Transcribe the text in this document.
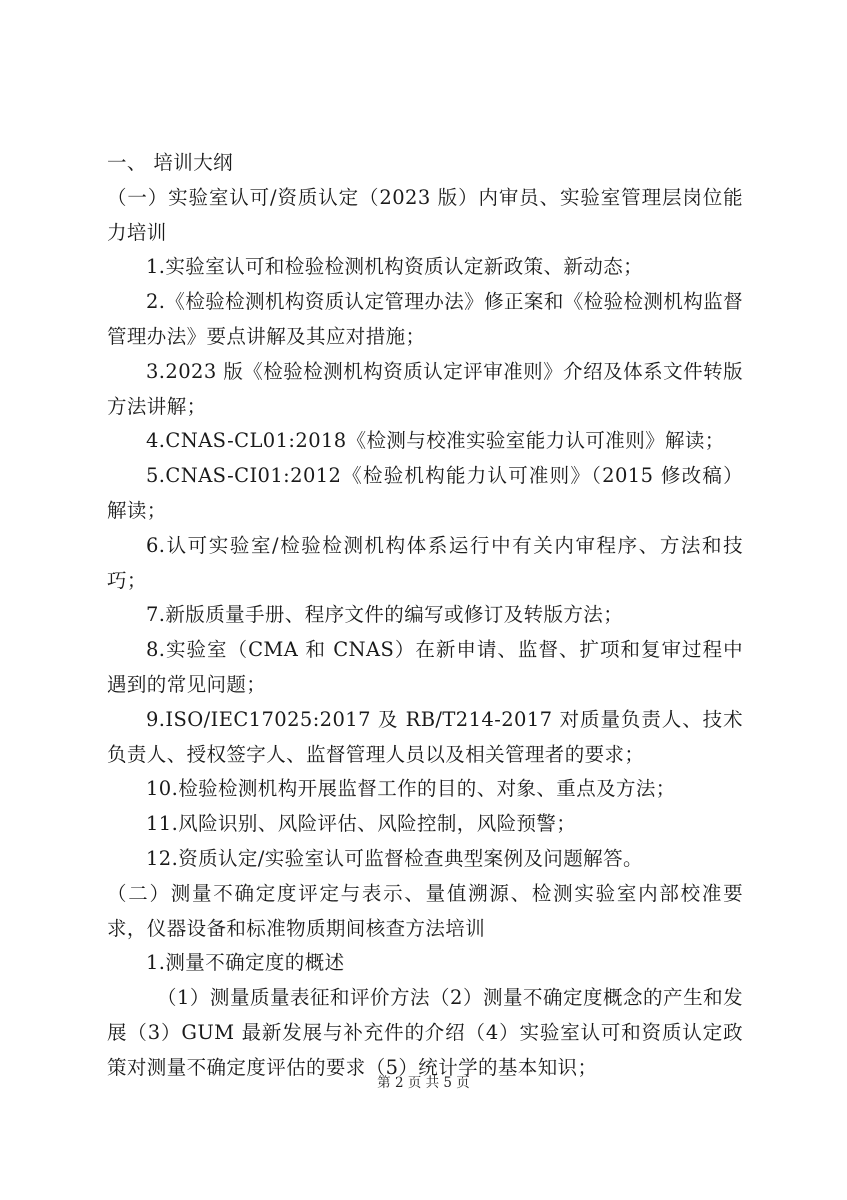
一、 培训大纲

（一）实验室认可/资质认定（2023 版）内审员、实验室管理层岗位能力培训

1.实验室认可和检验检测机构资质认定新政策、新动态；

2.《检验检测机构资质认定管理办法》修正案和《检验检测机构监督管理办法》要点讲解及其应对措施；

3.2023 版《检验检测机构资质认定评审准则》介绍及体系文件转版方法讲解；

4.CNAS-CL01:2018《检测与校准实验室能力认可准则》解读；

5.CNAS-CI01:2012《检验机构能力认可准则》（2015 修改稿）解读；

6.认可实验室/检验检测机构体系运行中有关内审程序、方法和技巧；

7.新版质量手册、程序文件的编写或修订及转版方法；

8.实验室（CMA 和 CNAS）在新申请、监督、扩项和复审过程中遇到的常见问题；

9.ISO/IEC17025:2017 及 RB/T214-2017 对质量负责人、技术负责人、授权签字人、监督管理人员以及相关管理者的要求；

10.检验检测机构开展监督工作的目的、对象、重点及方法；

11.风险识别、风险评估、风险控制，风险预警；

12.资质认定/实验室认可监督检查典型案例及问题解答。

（二）测量不确定度评定与表示、量值溯源、检测实验室内部校准要求，仪器设备和标准物质期间核查方法培训

1.测量不确定度的概述

（1）测量质量表征和评价方法（2）测量不确定度概念的产生和发展（3）GUM 最新发展与补充件的介绍（4）实验室认可和资质认定政策对测量不确定度评估的要求（5）统计学的基本知识；

第 2 页 共 5 页
